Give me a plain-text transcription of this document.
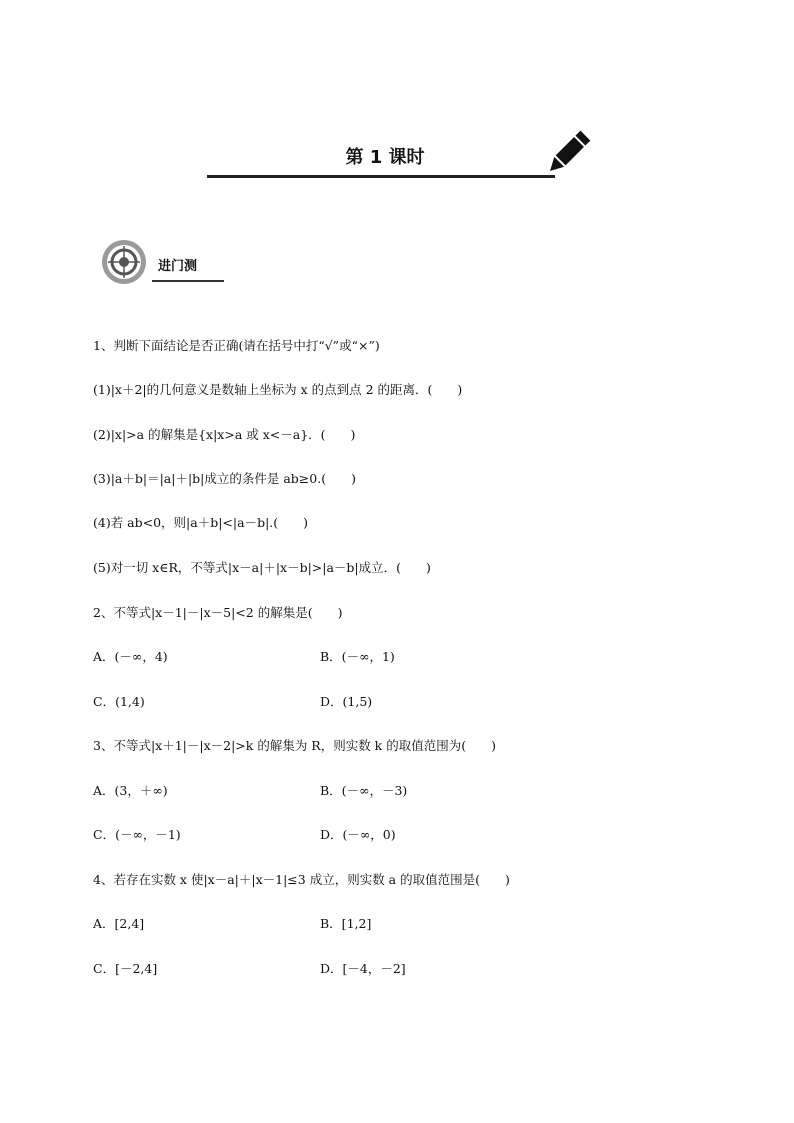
第 1 课时
进门测
1、判断下面结论是否正确(请在括号中打“√”或“×”)
(1)|x＋2|的几何意义是数轴上坐标为 x 的点到点 2 的距离．(　　)
(2)|x|>a 的解集是{x|x>a 或 x<－a}．(　　)
(3)|a＋b|＝|a|＋|b|成立的条件是 ab≥0.(　　)
(4)若 ab<0，则|a＋b|<|a－b|.(　　)
(5)对一切 x∈R，不等式|x－a|＋|x－b|>|a－b|成立．(　　)
2、不等式|x－1|－|x－5|<2 的解集是(　　)
A．(－∞，4)	B．(－∞，1)
C．(1,4)	D．(1,5)
3、不等式|x＋1|－|x－2|>k 的解集为 R，则实数 k 的取值范围为(　　)
A．(3，＋∞)	B．(－∞，－3)
C．(－∞，－1)	D．(－∞，0)
4、若存在实数 x 使|x－a|＋|x－1|≤3 成立，则实数 a 的取值范围是(　　)
A．[2,4]	B．[1,2]
C．[－2,4]	D．[－4，－2]
